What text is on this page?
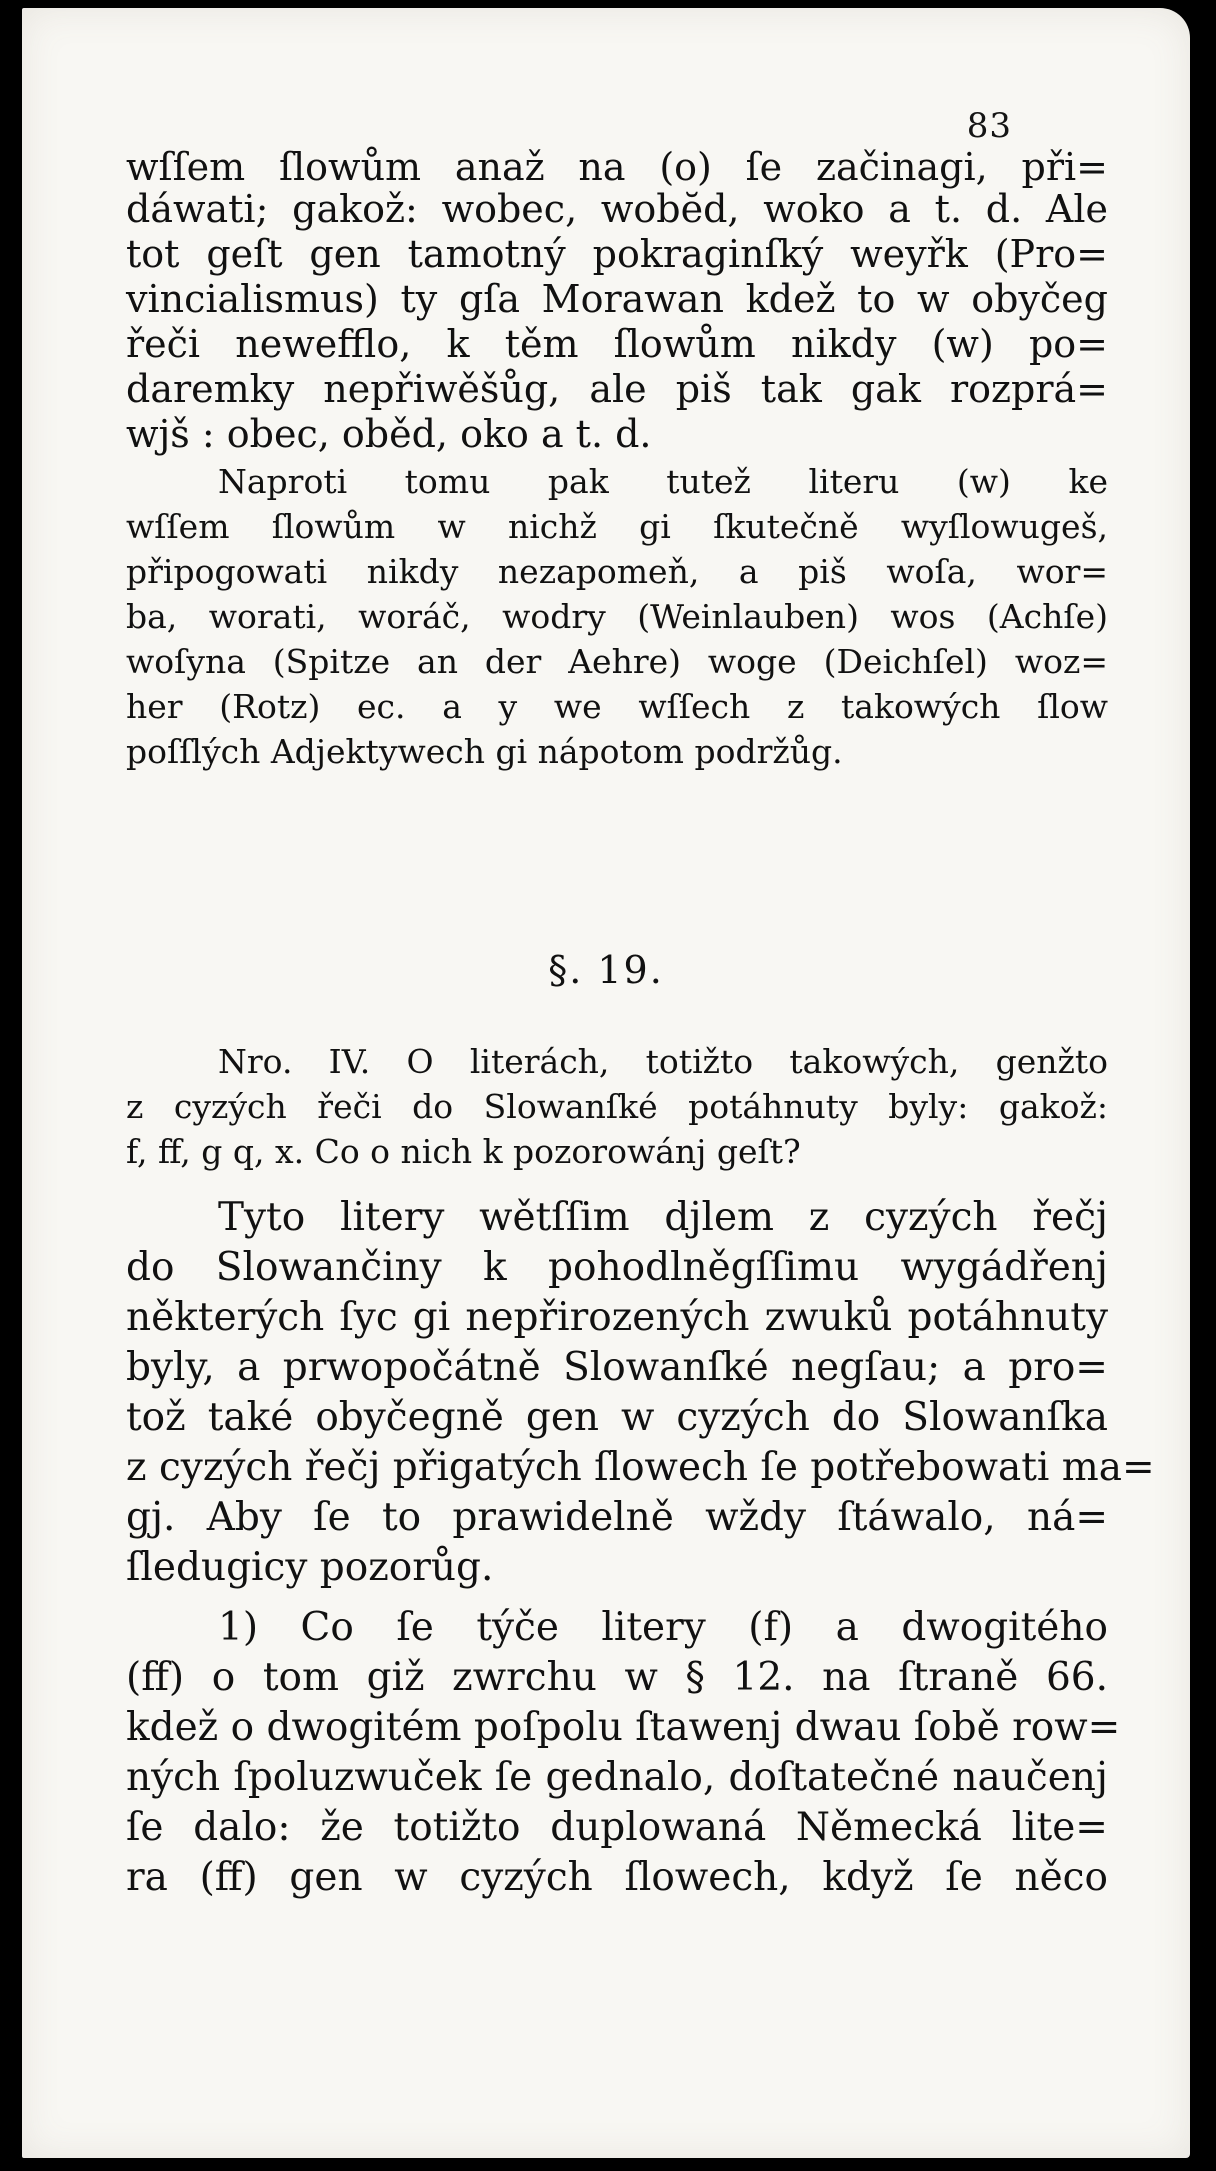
83
wſſem ſlowům anaž na (o) ſe začinagi, při=
dáwati; gakož: wobec, wobĕd, woko a t. d. Ale
tot geſt gen tamotný pokraginſký weyřk (Pro=
vincialismus) ty gſa Morawan kdež to w obyčeg
řeči newefflo, k těm ſlowům nikdy (w) po=
daremky nepřiwěšůg, ale piš tak gak rozprá=
wjš : obec, oběd, oko a t. d.
Naproti tomu pak tutež literu (w) ke
wſſem ſlowům w nichž gi ſkutečně wyſlowugeš,
připogowati nikdy nezapomeň, a piš woſa, wor=
ba, worati, woráč, wodry (Weinlauben) wos (Achſe)
woſyna (Spitze an der Aehre) woge (Deichſel) woz=
her (Rotz) ec. a y we wſſech z takowých ſlow
poſſlých Adjektywech gi nápotom podržůg.
§. 19.
Nro. IV. O literách, totižto takowých, genžto
z cyzých řeči do Slowanſké potáhnuty byly: gakož:
f, ff, g q, x. Co o nich k pozorowánj geſt?
Tyto litery wětſſim djlem z cyzých řečj
do Slowančiny k pohodlněgſſimu wygádřenj
některých ſyc gi nepřirozených zwuků potáhnuty
byly, a prwopočátně Slowanſké negſau; a pro=
tož také obyčegně gen w cyzých do Slowanſka
z cyzých řečj přigatých ſlowech ſe potřebowati ma=
gj. Aby ſe to prawidelně wždy ſtáwalo, ná=
ſledugicy pozorůg.
1) Co ſe týče litery (f) a dwogitého
(ff) o tom giž zwrchu w § 12. na ſtraně 66.
kdež o dwogitém poſpolu ſtawenj dwau ſobě row=
ných ſpoluzwuček ſe gednalo, doſtatečné naučenj
ſe dalo: že totižto duplowaná Německá lite=
ra (ff) gen w cyzých ſlowech, když ſe něco
